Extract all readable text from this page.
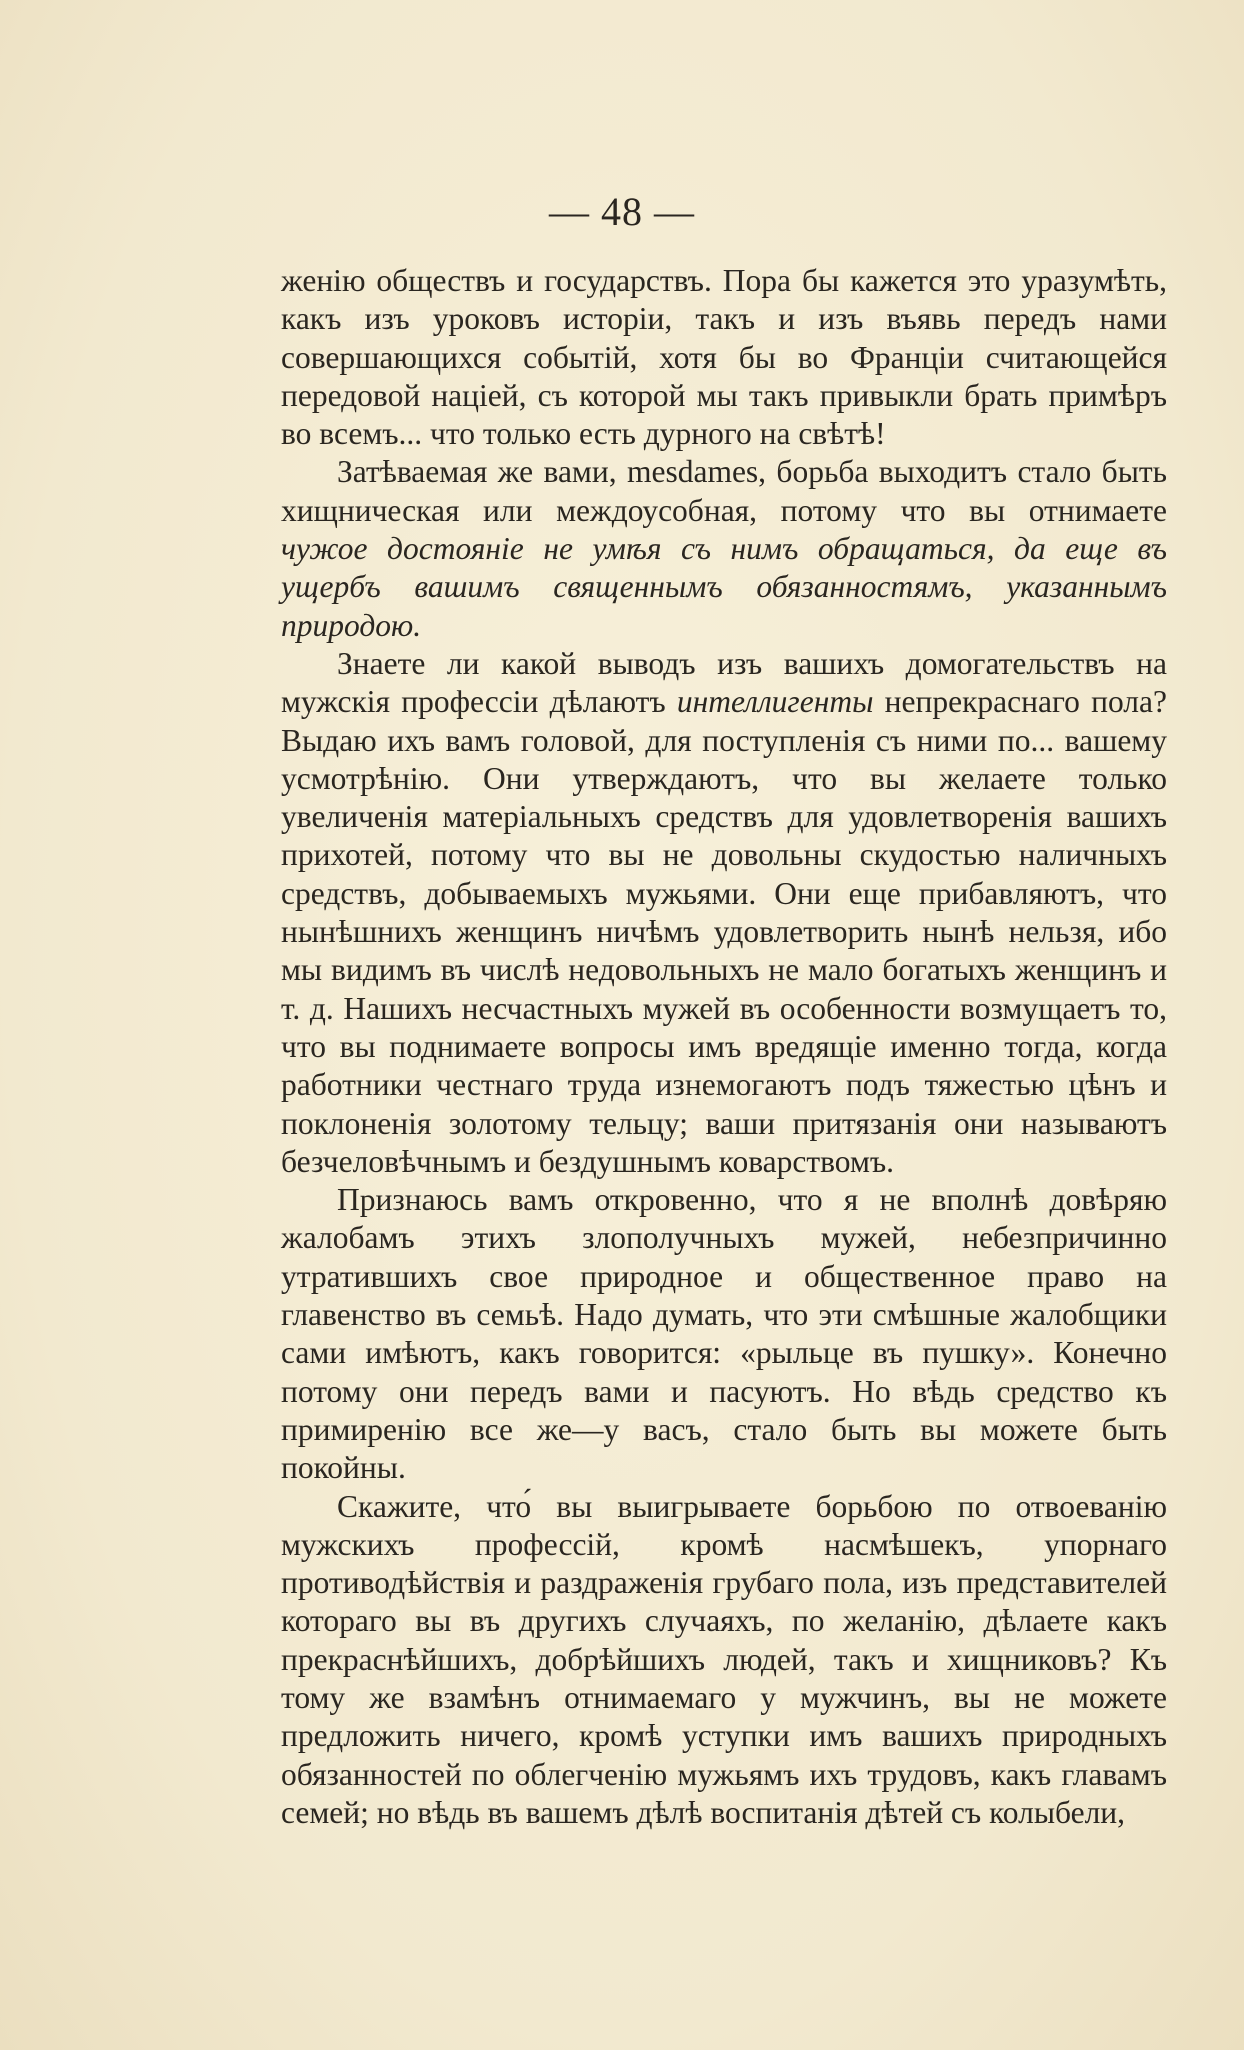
— 48 —

женію обществъ и государствъ. Пора бы кажется это уразумѣть, какъ изъ уроковъ исторіи, такъ и изъ въявь передъ нами совершающихся событій, хотя бы во Франціи считающейся передовой націей, съ которой мы такъ привыкли брать примѣръ во всемъ... что только есть дурного на свѣтѣ!

Затѣваемая же вами, mesdames, борьба выходитъ стало быть хищническая или междоусобная, потому что вы отнимаете чужое достояніе не умѣя съ нимъ обращаться, да еще въ ущербъ вашимъ священнымъ обязанностямъ, указаннымъ природою.

Знаете ли какой выводъ изъ вашихъ домогательствъ на мужскія профессіи дѣлаютъ интеллигенты непрекраснаго пола? Выдаю ихъ вамъ головой, для поступленія съ ними по... вашему усмотрѣнію. Они утверждаютъ, что вы желаете только увеличенія матеріальныхъ средствъ для удовлетворенія вашихъ прихотей, потому что вы не довольны скудостью наличныхъ средствъ, добываемыхъ мужьями. Они еще прибавляютъ, что нынѣшнихъ женщинъ ничѣмъ удовлетворить нынѣ нельзя, ибо мы видимъ въ числѣ недовольныхъ не мало богатыхъ женщинъ и т. д. Нашихъ несчастныхъ мужей въ особенности возмущаетъ то, что вы поднимаете вопросы имъ вредящіе именно тогда, когда работники честнаго труда изнемогаютъ подъ тяжестью цѣнъ и поклоненія золотому тельцу; ваши притязанія они называютъ безчеловѣчнымъ и бездушнымъ коварствомъ.

Признаюсь вамъ откровенно, что я не вполнѣ довѣряю жалобамъ этихъ злополучныхъ мужей, небезпричинно утратившихъ свое природное и общественное право на главенство въ семьѣ. Надо думать, что эти смѣшные жалобщики сами имѣютъ, какъ говорится: «рыльце въ пушку». Конечно потому они передъ вами и пасуютъ. Но вѣдь средство къ примиренію все же—у васъ, стало быть вы можете быть покойны.

Скажите, что́ вы выигрываете борьбою по отвоеванію мужскихъ профессій, кромѣ насмѣшекъ, упорнаго противодѣйствія и раздраженія грубаго пола, изъ представителей котораго вы въ другихъ случаяхъ, по желанію, дѣлаете какъ прекраснѣйшихъ, добрѣйшихъ людей, такъ и хищниковъ? Къ тому же взамѣнъ отнимаемаго у мужчинъ, вы не можете предложить ничего, кромѣ уступки имъ вашихъ природныхъ обязанностей по облегченію мужьямъ ихъ трудовъ, какъ главамъ семей; но вѣдь въ вашемъ дѣлѣ воспитанія дѣтей съ колыбели,
